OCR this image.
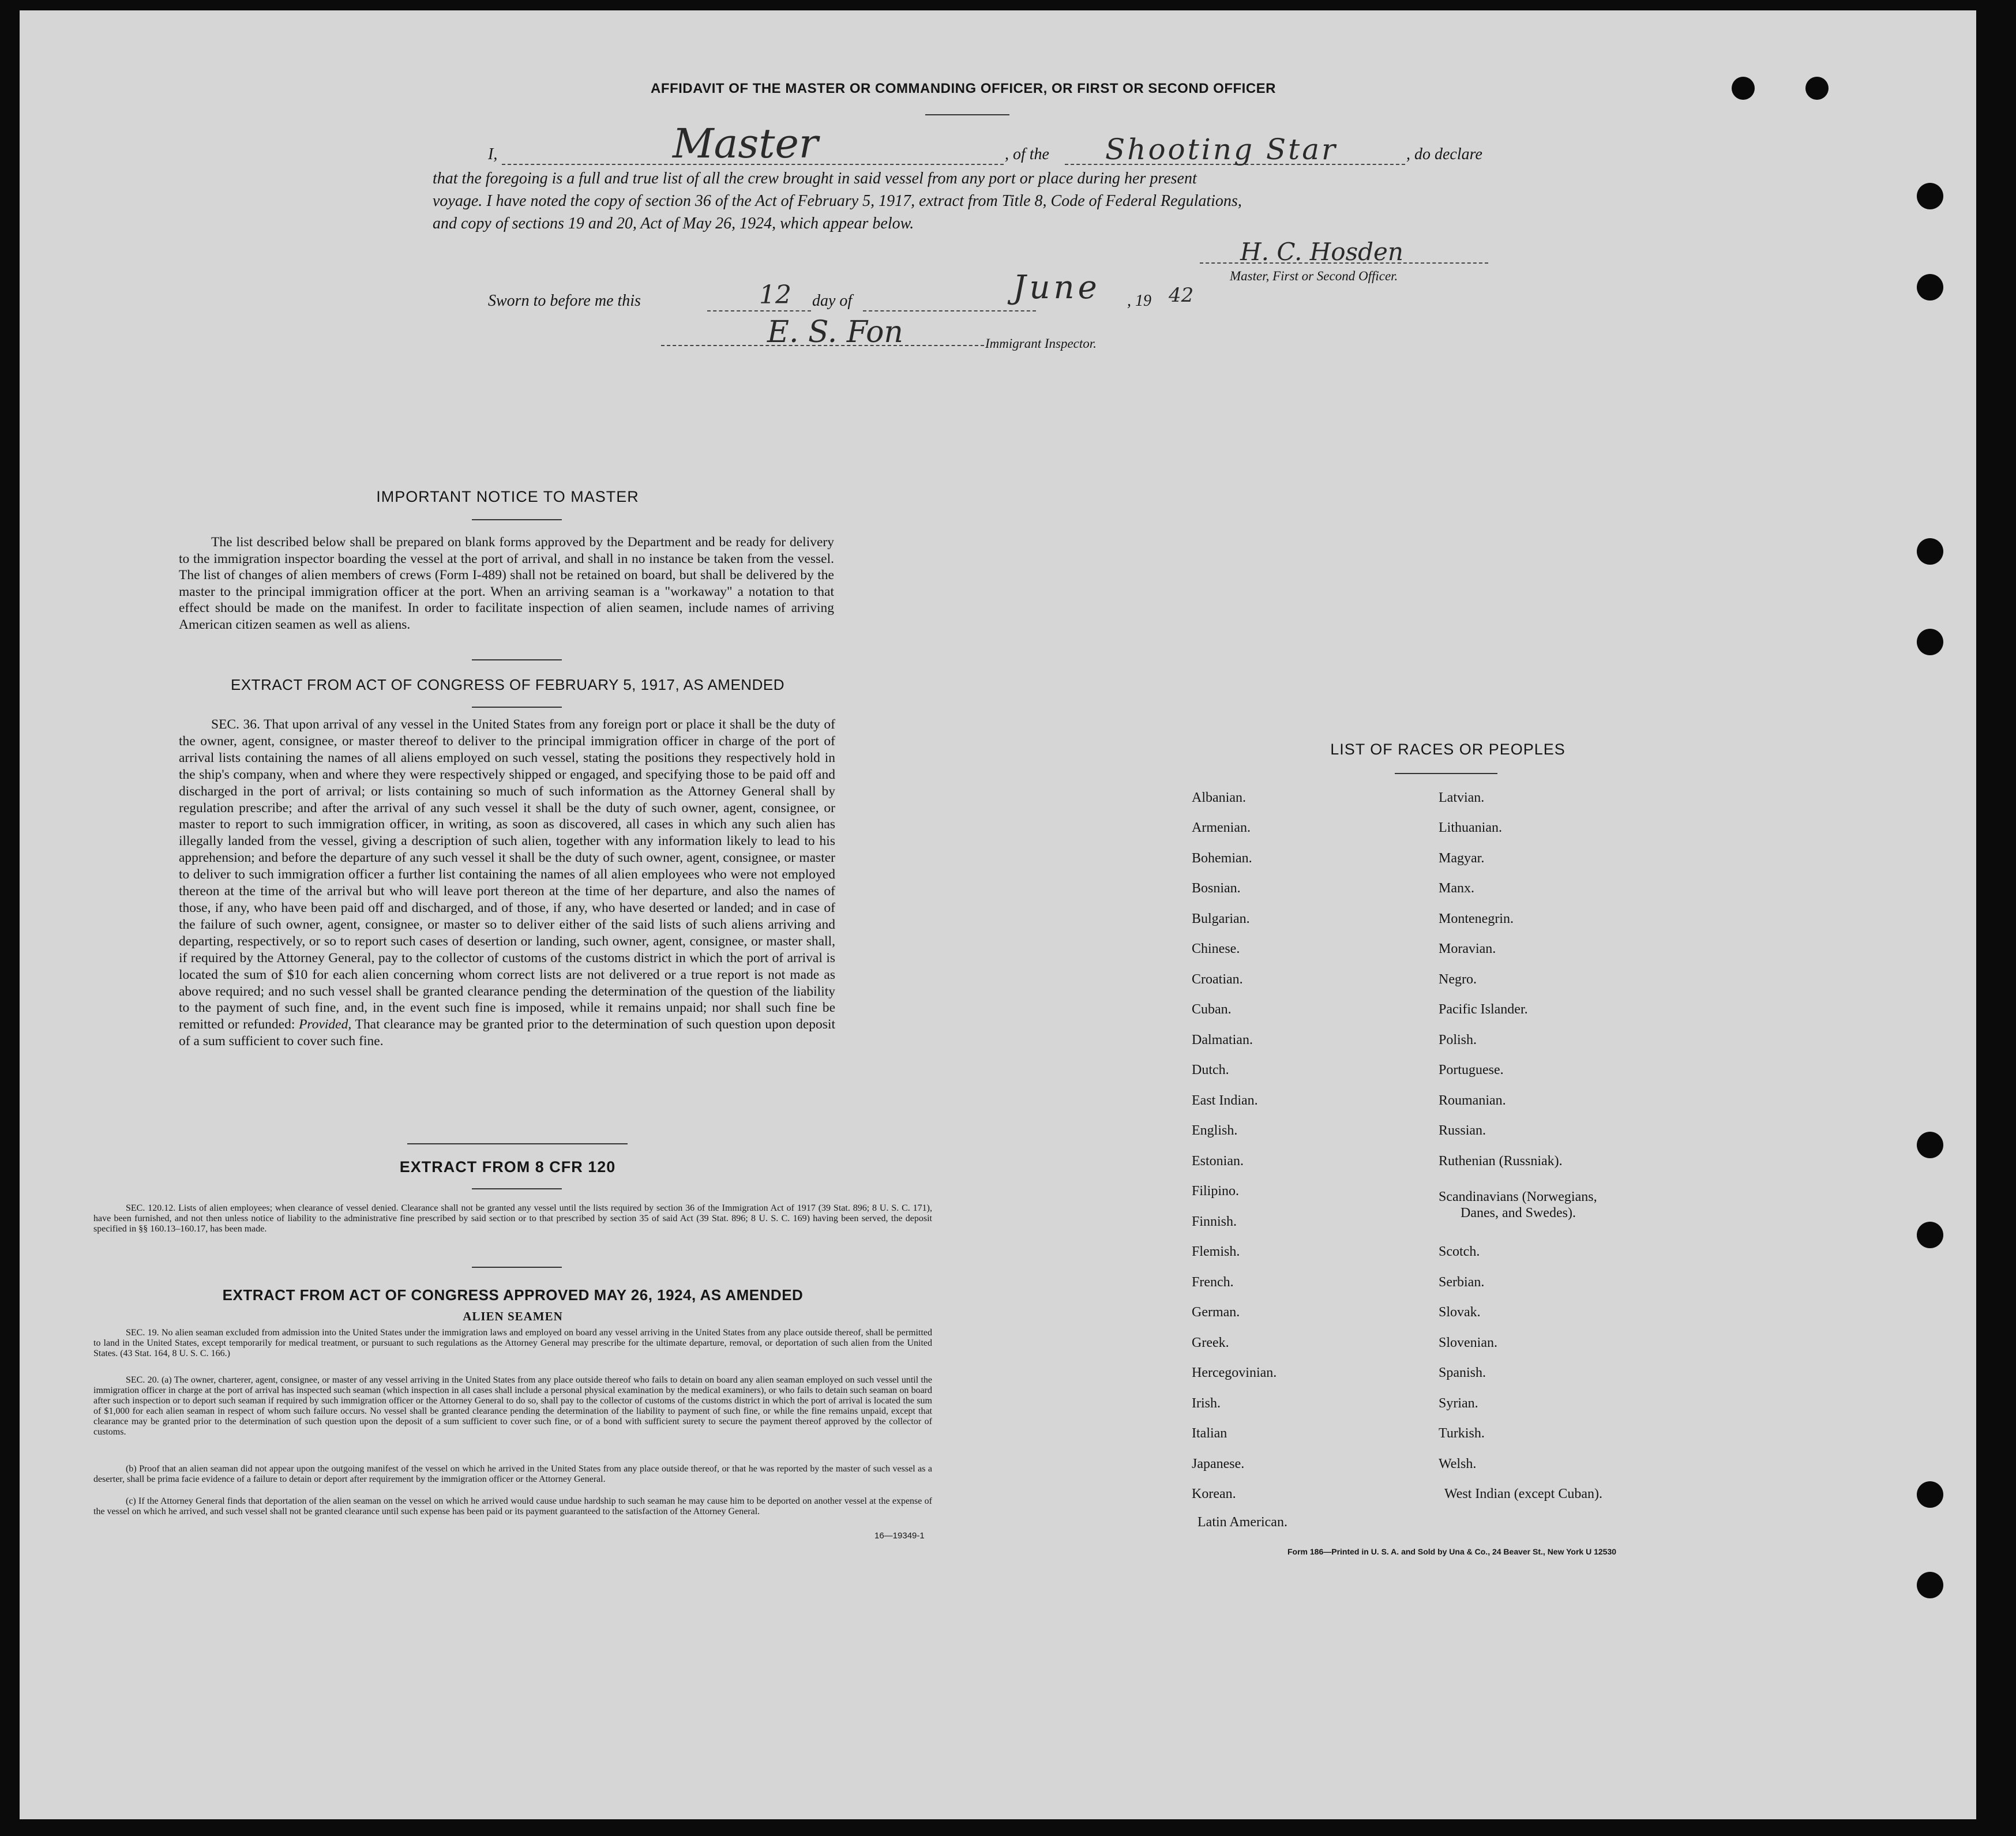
AFFIDAVIT OF THE MASTER OR COMMANDING OFFICER, OR FIRST OR SECOND OFFICER
I,	Master	, of the Shooting Star	, do declare
that the foregoing is a full and true list of all the crew brought in said vessel from any port or place during her present
voyage. I have noted the copy of section 36 of the Act of February 5, 1917, extract from Title 8, Code of Federal Regulations,
and copy of sections 19 and 20, Act of May 26, 1924, which appear below.
H. C. Hosden
Master, First or Second Officer.
Sworn to before me this	12 day of	June , 19 42
E. S. Fon	Immigrant Inspector.
IMPORTANT NOTICE TO MASTER
The list described below shall be prepared on blank forms approved by the Department and be ready for delivery to the immigration inspector boarding the vessel at the port of arrival, and shall in no instance be taken from the vessel. The list of changes of alien members of crews (Form I-489) shall not be retained on board, but shall be delivered by the master to the principal immigration officer at the port. When an arriving seaman is a "workaway" a notation to that effect should be made on the manifest. In order to facilitate inspection of alien seamen, include names of arriving American citizen seamen as well as aliens.
EXTRACT FROM ACT OF CONGRESS OF FEBRUARY 5, 1917, AS AMENDED
SEC. 36. That upon arrival of any vessel in the United States from any foreign port or place it shall be the duty of the owner, agent, consignee, or master thereof to deliver to the principal immigration officer in charge of the port of arrival lists containing the names of all aliens employed on such vessel, stating the positions they respectively hold in the ship's company, when and where they were respectively shipped or engaged, and specifying those to be paid off and discharged in the port of arrival; or lists containing so much of such information as the Attorney General shall by regulation prescribe; and after the arrival of any such vessel it shall be the duty of such owner, agent, consignee, or master to report to such immigration officer, in writing, as soon as discovered, all cases in which any such alien has illegally landed from the vessel, giving a description of such alien, together with any information likely to lead to his apprehension; and before the departure of any such vessel it shall be the duty of such owner, agent, consignee, or master to deliver to such immigration officer a further list containing the names of all alien employees who were not employed thereon at the time of the arrival but who will leave port thereon at the time of her departure, and also the names of those, if any, who have been paid off and discharged, and of those, if any, who have deserted or landed; and in case of the failure of such owner, agent, consignee, or master so to deliver either of the said lists of such aliens arriving and departing, respectively, or so to report such cases of desertion or landing, such owner, agent, consignee, or master shall, if required by the Attorney General, pay to the collector of customs of the customs district in which the port of arrival is located the sum of $10 for each alien concerning whom correct lists are not delivered or a true report is not made as above required; and no such vessel shall be granted clearance pending the determination of the question of the liability to the payment of such fine, and, in the event such fine is imposed, while it remains unpaid; nor shall such fine be remitted or refunded: Provided, That clearance may be granted prior to the determination of such question upon deposit of a sum sufficient to cover such fine.
EXTRACT FROM 8 CFR 120
SEC. 120.12. Lists of alien employees; when clearance of vessel denied. Clearance shall not be granted any vessel until the lists required by section 36 of the Immigration Act of 1917 (39 Stat. 896; 8 U. S. C. 171), have been furnished, and not then unless notice of liability to the administrative fine prescribed by said section or to that prescribed by section 35 of said Act (39 Stat. 896; 8 U. S. C. 169) having been served, the deposit specified in §§ 160.13–160.17, has been made.
EXTRACT FROM ACT OF CONGRESS APPROVED MAY 26, 1924, AS AMENDED
ALIEN SEAMEN
SEC. 19. No alien seaman excluded from admission into the United States under the immigration laws and employed on board any vessel arriving in the United States from any place outside thereof, shall be permitted to land in the United States, except temporarily for medical treatment, or pursuant to such regulations as the Attorney General may prescribe for the ultimate departure, removal, or deportation of such alien from the United States. (43 Stat. 164, 8 U. S. C. 166.)
SEC. 20. (a) The owner, charterer, agent, consignee, or master of any vessel arriving in the United States from any place outside thereof who fails to detain on board any alien seaman employed on such vessel until the immigration officer in charge at the port of arrival has inspected such seaman (which inspection in all cases shall include a personal physical examination by the medical examiners), or who fails to detain such seaman on board after such inspection or to deport such seaman if required by such immigration officer or the Attorney General to do so, shall pay to the collector of customs of the customs district in which the port of arrival is located the sum of $1,000 for each alien seaman in respect of whom such failure occurs. No vessel shall be granted clearance pending the determination of the liability to payment of such fine, or while the fine remains unpaid, except that clearance may be granted prior to the determination of such question upon the deposit of a sum sufficient to cover such fine, or of a bond with sufficient surety to secure the payment thereof approved by the collector of customs.
(b) Proof that an alien seaman did not appear upon the outgoing manifest of the vessel on which he arrived in the United States from any place outside thereof, or that he was reported by the master of such vessel as a deserter, shall be prima facie evidence of a failure to detain or deport after requirement by the immigration officer or the Attorney General.
(c) If the Attorney General finds that deportation of the alien seaman on the vessel on which he arrived would cause undue hardship to such seaman he may cause him to be deported on another vessel at the expense of the vessel on which he arrived, and such vessel shall not be granted clearance until such expense has been paid or its payment guaranteed to the satisfaction of the Attorney General.
16—19349-1
LIST OF RACES OR PEOPLES
Albanian.
Armenian.
Bohemian.
Bosnian.
Bulgarian.
Chinese.
Croatian.
Cuban.
Dalmatian.
Dutch.
East Indian.
English.
Estonian.
Filipino.
Finnish.
Flemish.
French.
German.
Greek.
Hercegovinian.
Irish.
Italian
Japanese.
Korean.
Latin American.
Latvian.
Lithuanian.
Magyar.
Manx.
Montenegrin.
Moravian.
Negro.
Pacific Islander.
Polish.
Portuguese.
Roumanian.
Russian.
Ruthenian (Russniak).
Scandinavians (Norwegians,
Danes, and Swedes).
Scotch.
Serbian.
Slovak.
Slovenian.
Spanish.
Syrian.
Turkish.
Welsh.
West Indian (except Cuban).
Form 186—Printed in U. S. A. and Sold by Una & Co., 24 Beaver St., New York U 12530
